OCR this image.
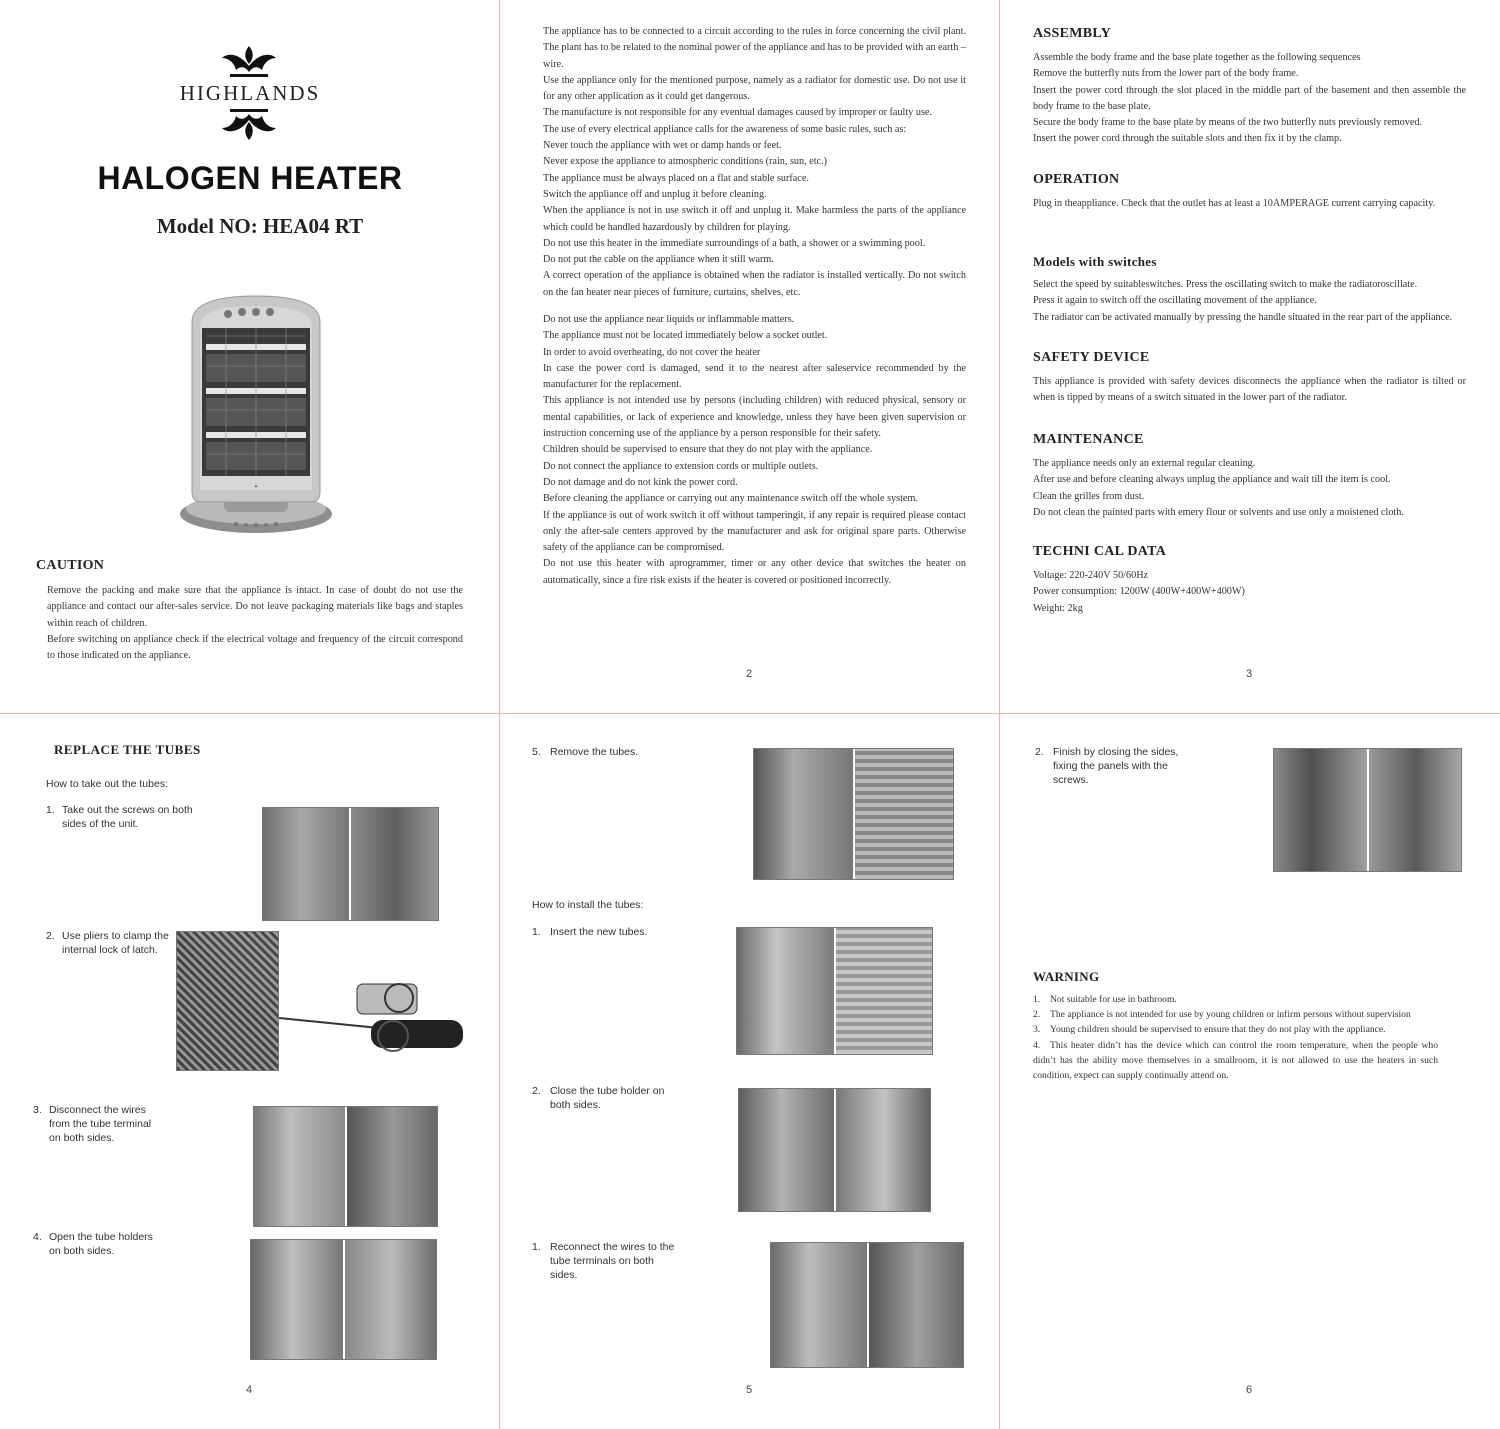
HIGHLANDS
HALOGEN HEATER
Model NO: HEA04 RT
✦
CAUTION

Remove the packing and make sure that the appliance is intact. In case of doubt do not use the appliance and contact our after-sales service. Do not leave packaging materials like bags and staples within reach of children.

Before switching on appliance check if the electrical voltage and frequency of the circuit correspond to those indicated on the appliance.

The appliance has to be connected to a circuit according to the rules in force concerning the civil plant. The plant has to be related to the nominal power of the appliance and has to be provided with an earth –wire.

Use the appliance only for the mentioned purpose, namely as a radiator for domestic use. Do not use it for any other application as it could get dangerous.

The manufacture is not responsible for any eventual damages caused by improper or faulty use.

The use of every electrical appliance calls for the awareness of some basic rules, such as:

Never touch the appliance with wet or damp hands or feet.

Never expose the appliance to atmospheric conditions (rain, sun, etc.)

The appliance must be always placed on a flat and stable surface.

Switch the appliance off and unplug it before cleaning.

When the appliance is not in use switch it off and unplug it. Make harmless the parts of the appliance which could be handled hazardously by children for playing.

Do not use this heater in the immediate surroundings of a bath, a shower or a swimming pool.

Do not put the cable on the appliance when it still warm.

A correct operation of the appliance is obtained when the radiator is installed vertically. Do not switch on the fan heater near pieces of furniture, curtains, shelves, etc.

Do not use the appliance near liquids or inflammable matters.

The appliance must not be located immediately below a socket outlet.

In order to avoid overheating, do not cover the heater

In case the power cord is damaged, send it to the nearest after saleservice recommended by the manufacturer for the replacement.

This appliance is not intended use by persons (including children) with reduced physical, sensory or mental capabilities, or lack of experience and knowledge, unless they have been given supervision or instruction concerning use of the appliance by a person responsible for their safety.

Children should be supervised to ensure that they do not play with the appliance.

Do not connect the appliance to extension cords or multiple outlets.

Do not damage and do not kink the power cord.

Before cleaning the appliance or carrying out any maintenance switch off the whole system.

If the appliance is out of work switch it off without tamperingit, if any repair is required please contact only the after-sale centers approved by the manufacturer and ask for original spare parts. Otherwise safety of the appliance can be compromised.

Do not use this heater with aprogrammer, timer or any other device that switches the heater on automatically, since a fire risk exists if the heater is covered or positioned incorrectly.

2
ASSEMBLY

Assemble the body frame and the base plate together as the following sequences

Remove the butterfly nuts from the lower part of the body frame.

Insert the power cord through the slot placed in the middle part of the basement and then assemble the body frame to the base plate.

Secure the body frame to the base plate by means of the two butterfly nuts previously removed.

Insert the power cord through the suitable slots and then fix it by the clamp.

OPERATION
Plug in theappliance. Check that the outlet has at least a 10AMPERAGE current carrying capacity.
Models with switches

Select the speed by suitableswitches. Press the oscillating switch to make the radiatoroscillate.

Press it again to switch off the oscillating movement of the appliance.

The radiator can be activated manually by pressing the handle situated in the rear part of the appliance.

SAFETY DEVICE
This appliance is provided with safety devices disconnects the appliance when the radiator is tilted or when is tipped by means of a switch situated in the lower part of the radiator.
MAINTENANCE

The appliance needs only an external regular cleaning.

After use and before cleaning always unplug the appliance and wait till the item is cool.

Clean the grilles from dust.

Do not clean the painted parts with emery flour or solvents and use only a moistened cloth.

TECHNI CAL DATA

Voltage: 220-240V 50/60Hz

Power consumption: 1200W (400W+400W+400W)

Weight: 2kg

3
REPLACE THE TUBES
How to take out the tubes:
1. Take out the screws on both sides of the unit.
2. Use pliers to clamp the internal lock of latch.
3. Disconnect the wires from the tube terminal on both sides.
4. Open the tube holders on both sides.
4
5. Remove the tubes.
How to install the tubes:
1. Insert the new tubes.
2. Close the tube holder on both sides.
1. Reconnect the wires to the tube terminals on both sides.
5
2. Finish by closing the sides, fixing the panels with the screws.
WARNING
1. Not suitable for use in bathroom.
2. The appliance is not intended for use by young children or infirm persons without supervision
3. Young children should be supervised to ensure that they do not play with the appliance.
4. This heater didn’t has the device which can control the room temperature, when the people who didn’t has the ability move themselves in a smallroom, it is not allowed to use the heaters in such condition, expect can supply continually attend on.
6
